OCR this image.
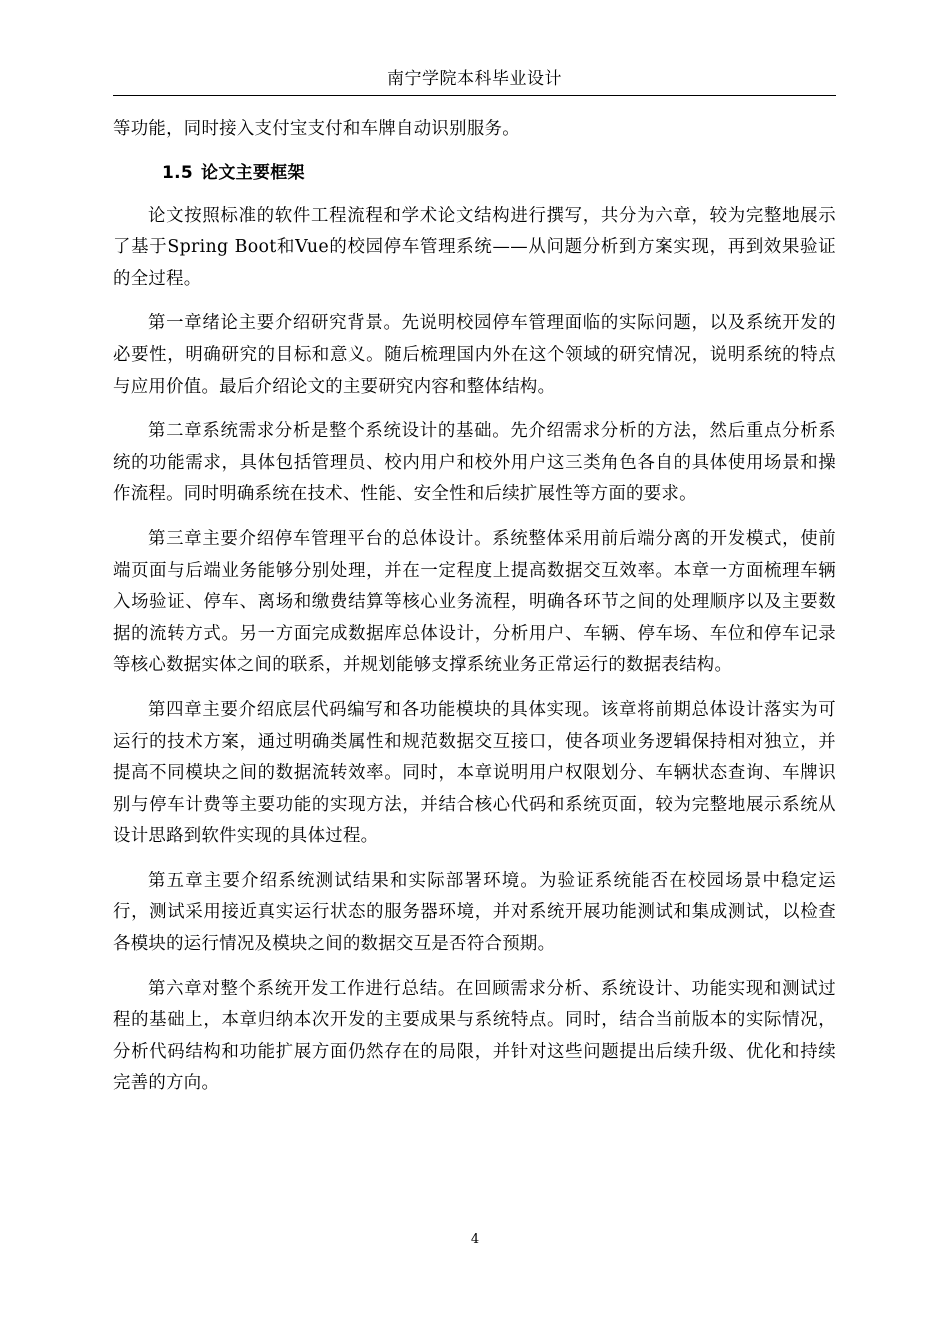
南宁学院本科毕业设计

等功能，同时接入支付宝支付和车牌自动识别服务。

1.5 论文主要框架

论文按照标准的软件工程流程和学术论文结构进行撰写，共分为六章，较为完整地展示了基于Spring Boot和Vue的校园停车管理系统——从问题分析到方案实现，再到效果验证的全过程。

第一章绪论主要介绍研究背景。先说明校园停车管理面临的实际问题，以及系统开发的必要性，明确研究的目标和意义。随后梳理国内外在这个领域的研究情况，说明系统的特点与应用价值。最后介绍论文的主要研究内容和整体结构。

第二章系统需求分析是整个系统设计的基础。先介绍需求分析的方法，然后重点分析系统的功能需求，具体包括管理员、校内用户和校外用户这三类角色各自的具体使用场景和操作流程。同时明确系统在技术、性能、安全性和后续扩展性等方面的要求。

第三章主要介绍停车管理平台的总体设计。系统整体采用前后端分离的开发模式，使前端页面与后端业务能够分别处理，并在一定程度上提高数据交互效率。本章一方面梳理车辆入场验证、停车、离场和缴费结算等核心业务流程，明确各环节之间的处理顺序以及主要数据的流转方式。另一方面完成数据库总体设计，分析用户、车辆、停车场、车位和停车记录等核心数据实体之间的联系，并规划能够支撑系统业务正常运行的数据表结构。

第四章主要介绍底层代码编写和各功能模块的具体实现。该章将前期总体设计落实为可运行的技术方案，通过明确类属性和规范数据交互接口，使各项业务逻辑保持相对独立，并提高不同模块之间的数据流转效率。同时，本章说明用户权限划分、车辆状态查询、车牌识别与停车计费等主要功能的实现方法，并结合核心代码和系统页面，较为完整地展示系统从设计思路到软件实现的具体过程。

第五章主要介绍系统测试结果和实际部署环境。为验证系统能否在校园场景中稳定运行，测试采用接近真实运行状态的服务器环境，并对系统开展功能测试和集成测试，以检查各模块的运行情况及模块之间的数据交互是否符合预期。

第六章对整个系统开发工作进行总结。在回顾需求分析、系统设计、功能实现和测试过程的基础上，本章归纳本次开发的主要成果与系统特点。同时，结合当前版本的实际情况，分析代码结构和功能扩展方面仍然存在的局限，并针对这些问题提出后续升级、优化和持续完善的方向。

4
